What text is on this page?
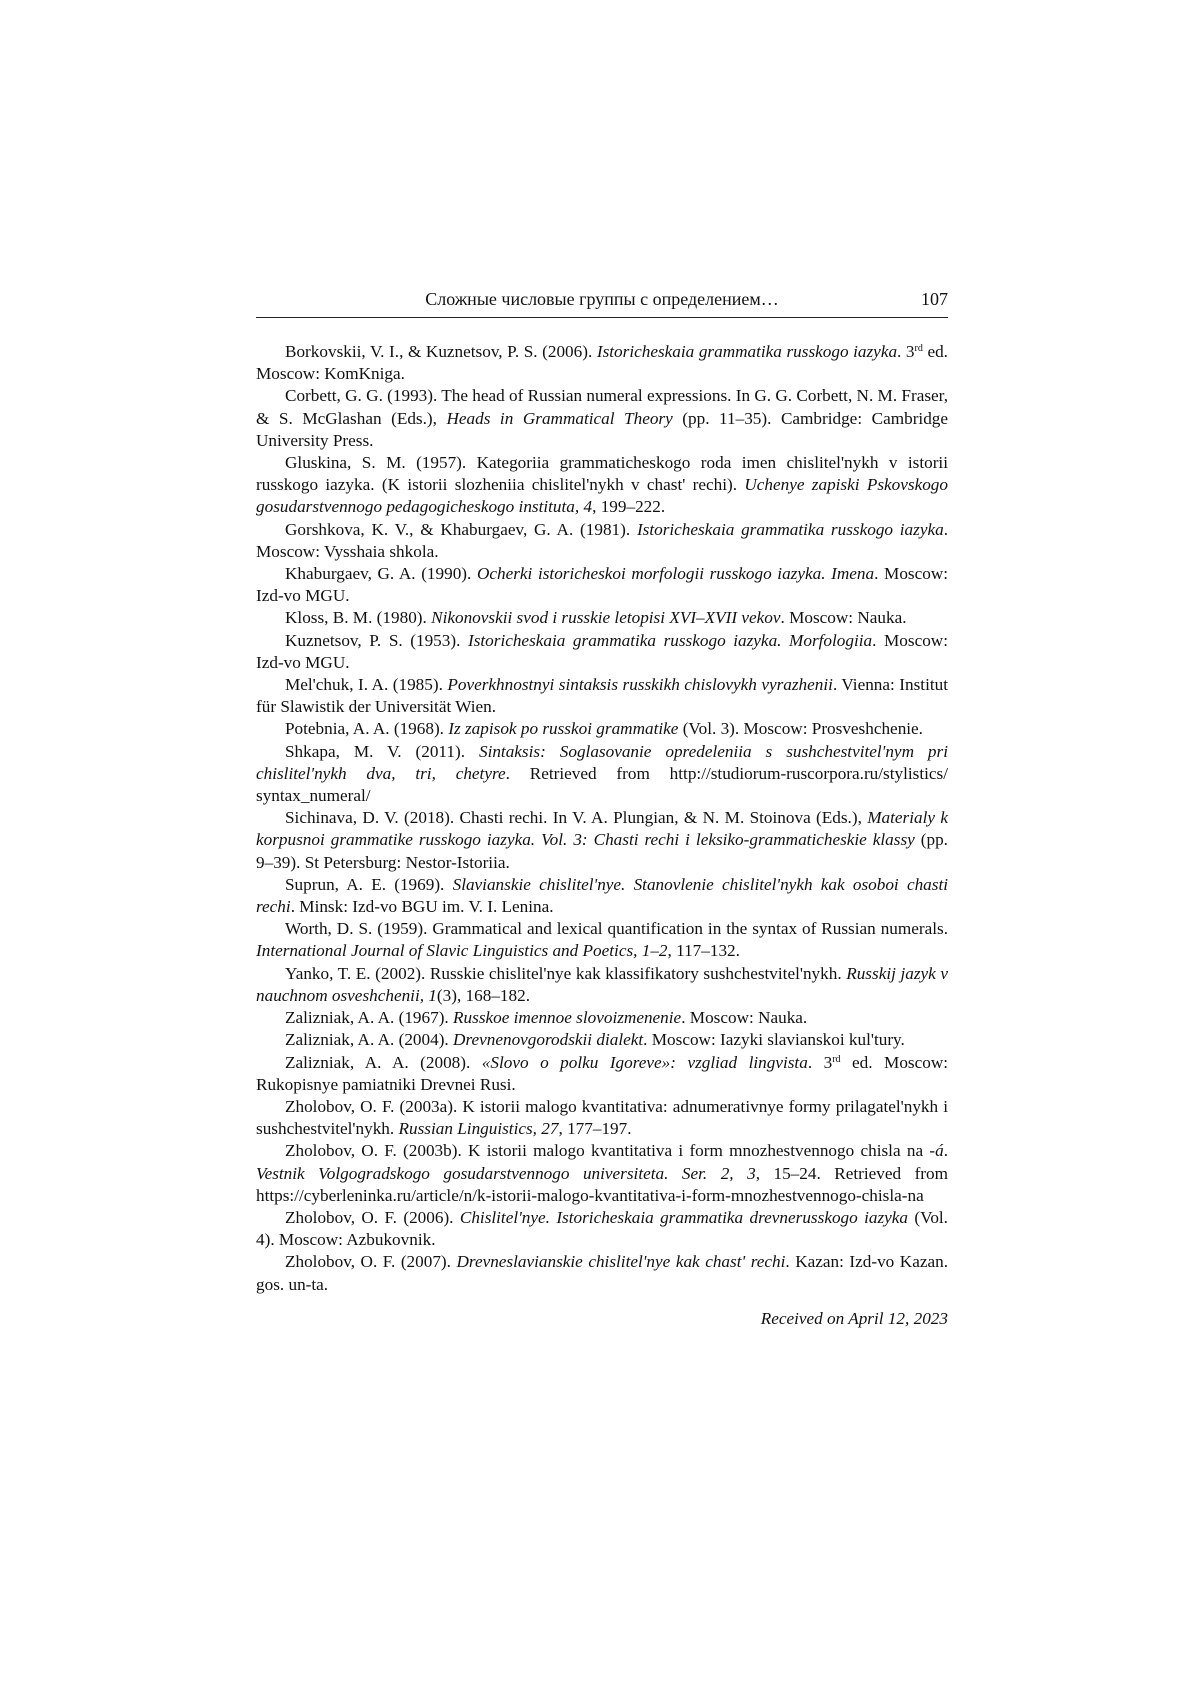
Сложные числовые группы с определением…	107

Borkovskii, V. I., & Kuznetsov, P. S. (2006). Istoricheskaia grammatika russkogo iazyka. 3rd ed. Moscow: KomKniga.

Corbett, G. G. (1993). The head of Russian numeral expressions. In G. G. Corbett, N. M. Fraser, & S. McGlashan (Eds.), Heads in Grammatical Theory (pp. 11–35). Cambridge: Cambridge University Press.

Gluskina, S. M. (1957). Kategoriia grammaticheskogo roda imen chislitel'nykh v istorii russkogo iazyka. (K istorii slozheniia chislitel'nykh v chast' rechi). Uchenye zapiski Pskovskogo gosudarstvennogo pedagogicheskogo instituta, 4, 199–222.

Gorshkova, K. V., & Khaburgaev, G. A. (1981). Istoricheskaia grammatika russkogo iazyka. Moscow: Vysshaia shkola.

Khaburgaev, G. A. (1990). Ocherki istoricheskoi morfologii russkogo iazyka. Imena. Moscow: Izd-vo MGU.

Kloss, B. M. (1980). Nikonovskii svod i russkie letopisi XVI–XVII vekov. Moscow: Nauka.

Kuznetsov, P. S. (1953). Istoricheskaia grammatika russkogo iazyka. Morfologiia. Moscow: Izd-vo MGU.

Mel'chuk, I. A. (1985). Poverkhnostnyi sintaksis russkikh chislovykh vyrazhenii. Vienna: Institut für Slawistik der Universität Wien.

Potebnia, A. A. (1968). Iz zapisok po russkoi grammatike (Vol. 3). Moscow: Prosveshchenie.

Shkapa, M. V. (2011). Sintaksis: Soglasovanie opredeleniia s sushchestvitel'nym pri chislitel'nykh dva, tri, chetyre. Retrieved from http://studiorum-ruscorpora.ru/stylistics/ syntax_numeral/

Sichinava, D. V. (2018). Chasti rechi. In V. A. Plungian, & N. M. Stoinova (Eds.), Materialy k korpusnoi grammatike russkogo iazyka. Vol. 3: Chasti rechi i leksiko-grammaticheskie klassy (pp. 9–39). St Petersburg: Nestor-Istoriia.

Suprun, A. E. (1969). Slavianskie chislitel'nye. Stanovlenie chislitel'nykh kak osoboi chasti rechi. Minsk: Izd-vo BGU im. V. I. Lenina.

Worth, D. S. (1959). Grammatical and lexical quantification in the syntax of Russian numerals. International Journal of Slavic Linguistics and Poetics, 1–2, 117–132.

Yanko, T. E. (2002). Russkie chislitel'nye kak klassifikatory sushchestvitel'nykh. Russkij jazyk v nauchnom osveshchenii, 1(3), 168–182.

Zalizniak, A. A. (1967). Russkoe imennoe slovoizmenenie. Moscow: Nauka.

Zalizniak, A. A. (2004). Drevnenovgorodskii dialekt. Moscow: Iazyki slavianskoi kul'tury.

Zalizniak, A. A. (2008). «Slovo o polku Igoreve»: vzgliad lingvista. 3rd ed. Moscow: Rukopisnye pamiatniki Drevnei Rusi.

Zholobov, O. F. (2003a). K istorii malogo kvantitativa: adnumerativnye formy prilagatel'nykh i sushchestvitel'nykh. Russian Linguistics, 27, 177–197.

Zholobov, O. F. (2003b). K istorii malogo kvantitativa i form mnozhestvennogo chisla na -á. Vestnik Volgogradskogo gosudarstvennogo universiteta. Ser. 2, 3, 15–24. Retrieved from https://cyberleninka.ru/article/n/k-istorii-malogo-kvantitativa-i-form-mnozhestvennogo-chisla-na

Zholobov, O. F. (2006). Chislitel'nye. Istoricheskaia grammatika drevnerusskogo iazyka (Vol. 4). Moscow: Azbukovnik.

Zholobov, O. F. (2007). Drevneslavianskie chislitel'nye kak chast' rechi. Kazan: Izd-vo Kazan. gos. un-ta.

Received on April 12, 2023
